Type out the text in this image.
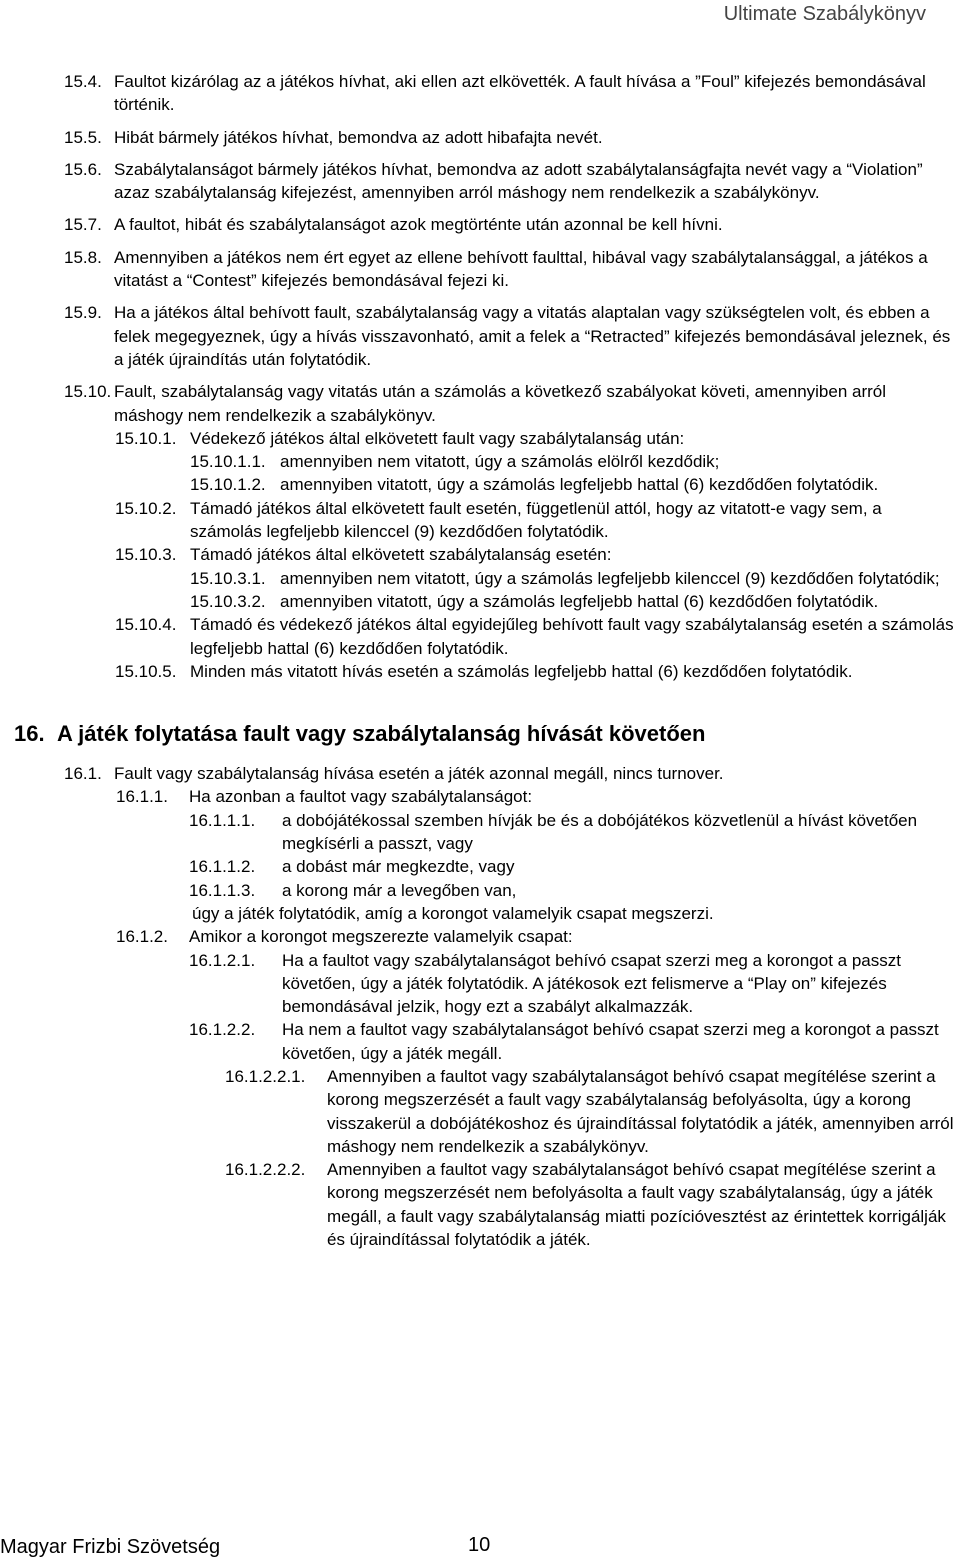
Ultimate Szabálykönyv
15.4. Faultot kizárólag az a játékos hívhat, aki ellen azt elkövették. A fault hívása a ”Foul” kifejezés bemondásával történik.
15.5. Hibát bármely játékos hívhat, bemondva az adott hibafajta nevét.
15.6. Szabálytalanságot bármely játékos hívhat, bemondva az adott szabálytalanságfajta nevét vagy a “Violation” azaz szabálytalanság kifejezést, amennyiben arról máshogy nem rendelkezik a szabálykönyv.
15.7. A faultot, hibát és szabálytalanságot azok megtörténte után azonnal be kell hívni.
15.8. Amennyiben a játékos nem ért egyet az ellene behívott faulttal, hibával vagy szabálytalansággal, a játékos a vitatást a “Contest” kifejezés bemondásával fejezi ki.
15.9. Ha a játékos által behívott fault, szabálytalanság vagy a vitatás alaptalan vagy szükségtelen volt, és ebben a felek megegyeznek, úgy a hívás visszavonható, amit a felek a “Retracted” kifejezés bemondásával jeleznek, és a játék újraindítás után folytatódik.
15.10. Fault, szabálytalanság vagy vitatás után a számolás a következő szabályokat követi, amennyiben arról máshogy nem rendelkezik a szabálykönyv.
15.10.1. Védekező játékos által elkövetett fault vagy szabálytalanság után:
15.10.1.1. amennyiben nem vitatott, úgy a számolás elölről kezdődik;
15.10.1.2. amennyiben vitatott, úgy a számolás legfeljebb hattal (6) kezdődően folytatódik.
15.10.2. Támadó játékos által elkövetett fault esetén, függetlenül attól, hogy az vitatott-e vagy sem, a számolás legfeljebb kilenccel (9) kezdődően folytatódik.
15.10.3. Támadó játékos által elkövetett szabálytalanság esetén:
15.10.3.1. amennyiben nem vitatott, úgy a számolás legfeljebb kilenccel (9) kezdődően folytatódik;
15.10.3.2. amennyiben vitatott, úgy a számolás legfeljebb hattal (6) kezdődően folytatódik.
15.10.4. Támadó és védekező játékos által egyidejűleg behívott fault vagy szabálytalanság esetén a számolás legfeljebb hattal (6) kezdődően folytatódik.
15.10.5. Minden más vitatott hívás esetén a számolás legfeljebb hattal (6) kezdődően folytatódik.
16. A játék folytatása fault vagy szabálytalanság hívását követően
16.1. Fault vagy szabálytalanság hívása esetén a játék azonnal megáll, nincs turnover.
16.1.1.	Ha azonban a faultot vagy szabálytalanságot:
16.1.1.1.	a dobójátékossal szemben hívják be és a dobójátékos közvetlenül a hívást követően megkísérli a passzt, vagy
16.1.1.2.	a dobást már megkezdte, vagy
16.1.1.3.	a korong már a levegőben van,
úgy a játék folytatódik, amíg a korongot valamelyik csapat megszerzi.
16.1.2.	Amikor a korongot megszerezte valamelyik csapat:
16.1.2.1.	Ha a faultot vagy szabálytalanságot behívó csapat szerzi meg a korongot a passzt követően, úgy a játék folytatódik. A játékosok ezt felismerve a “Play on” kifejezés bemondásával jelzik, hogy ezt a szabályt alkalmazzák.
16.1.2.2.	Ha nem a faultot vagy szabálytalanságot behívó csapat szerzi meg a korongot a passzt követően, úgy a játék megáll.
16.1.2.2.1.	Amennyiben a faultot vagy szabálytalanságot behívó csapat megítélése szerint a korong megszerzését a fault vagy szabálytalanság befolyásolta, úgy a korong visszakerül a dobójátékoshoz és újraindítással folytatódik a játék, amennyiben arról máshogy nem rendelkezik a szabálykönyv.
16.1.2.2.2.	Amennyiben a faultot vagy szabálytalanságot behívó csapat megítélése szerint a korong megszerzését nem befolyásolta a fault vagy szabálytalanság, úgy a játék megáll, a fault vagy szabálytalanság miatti pozícióvesztést az érintettek korrigálják és újraindítással folytatódik a játék.
Magyar Frizbi Szövetség	10
